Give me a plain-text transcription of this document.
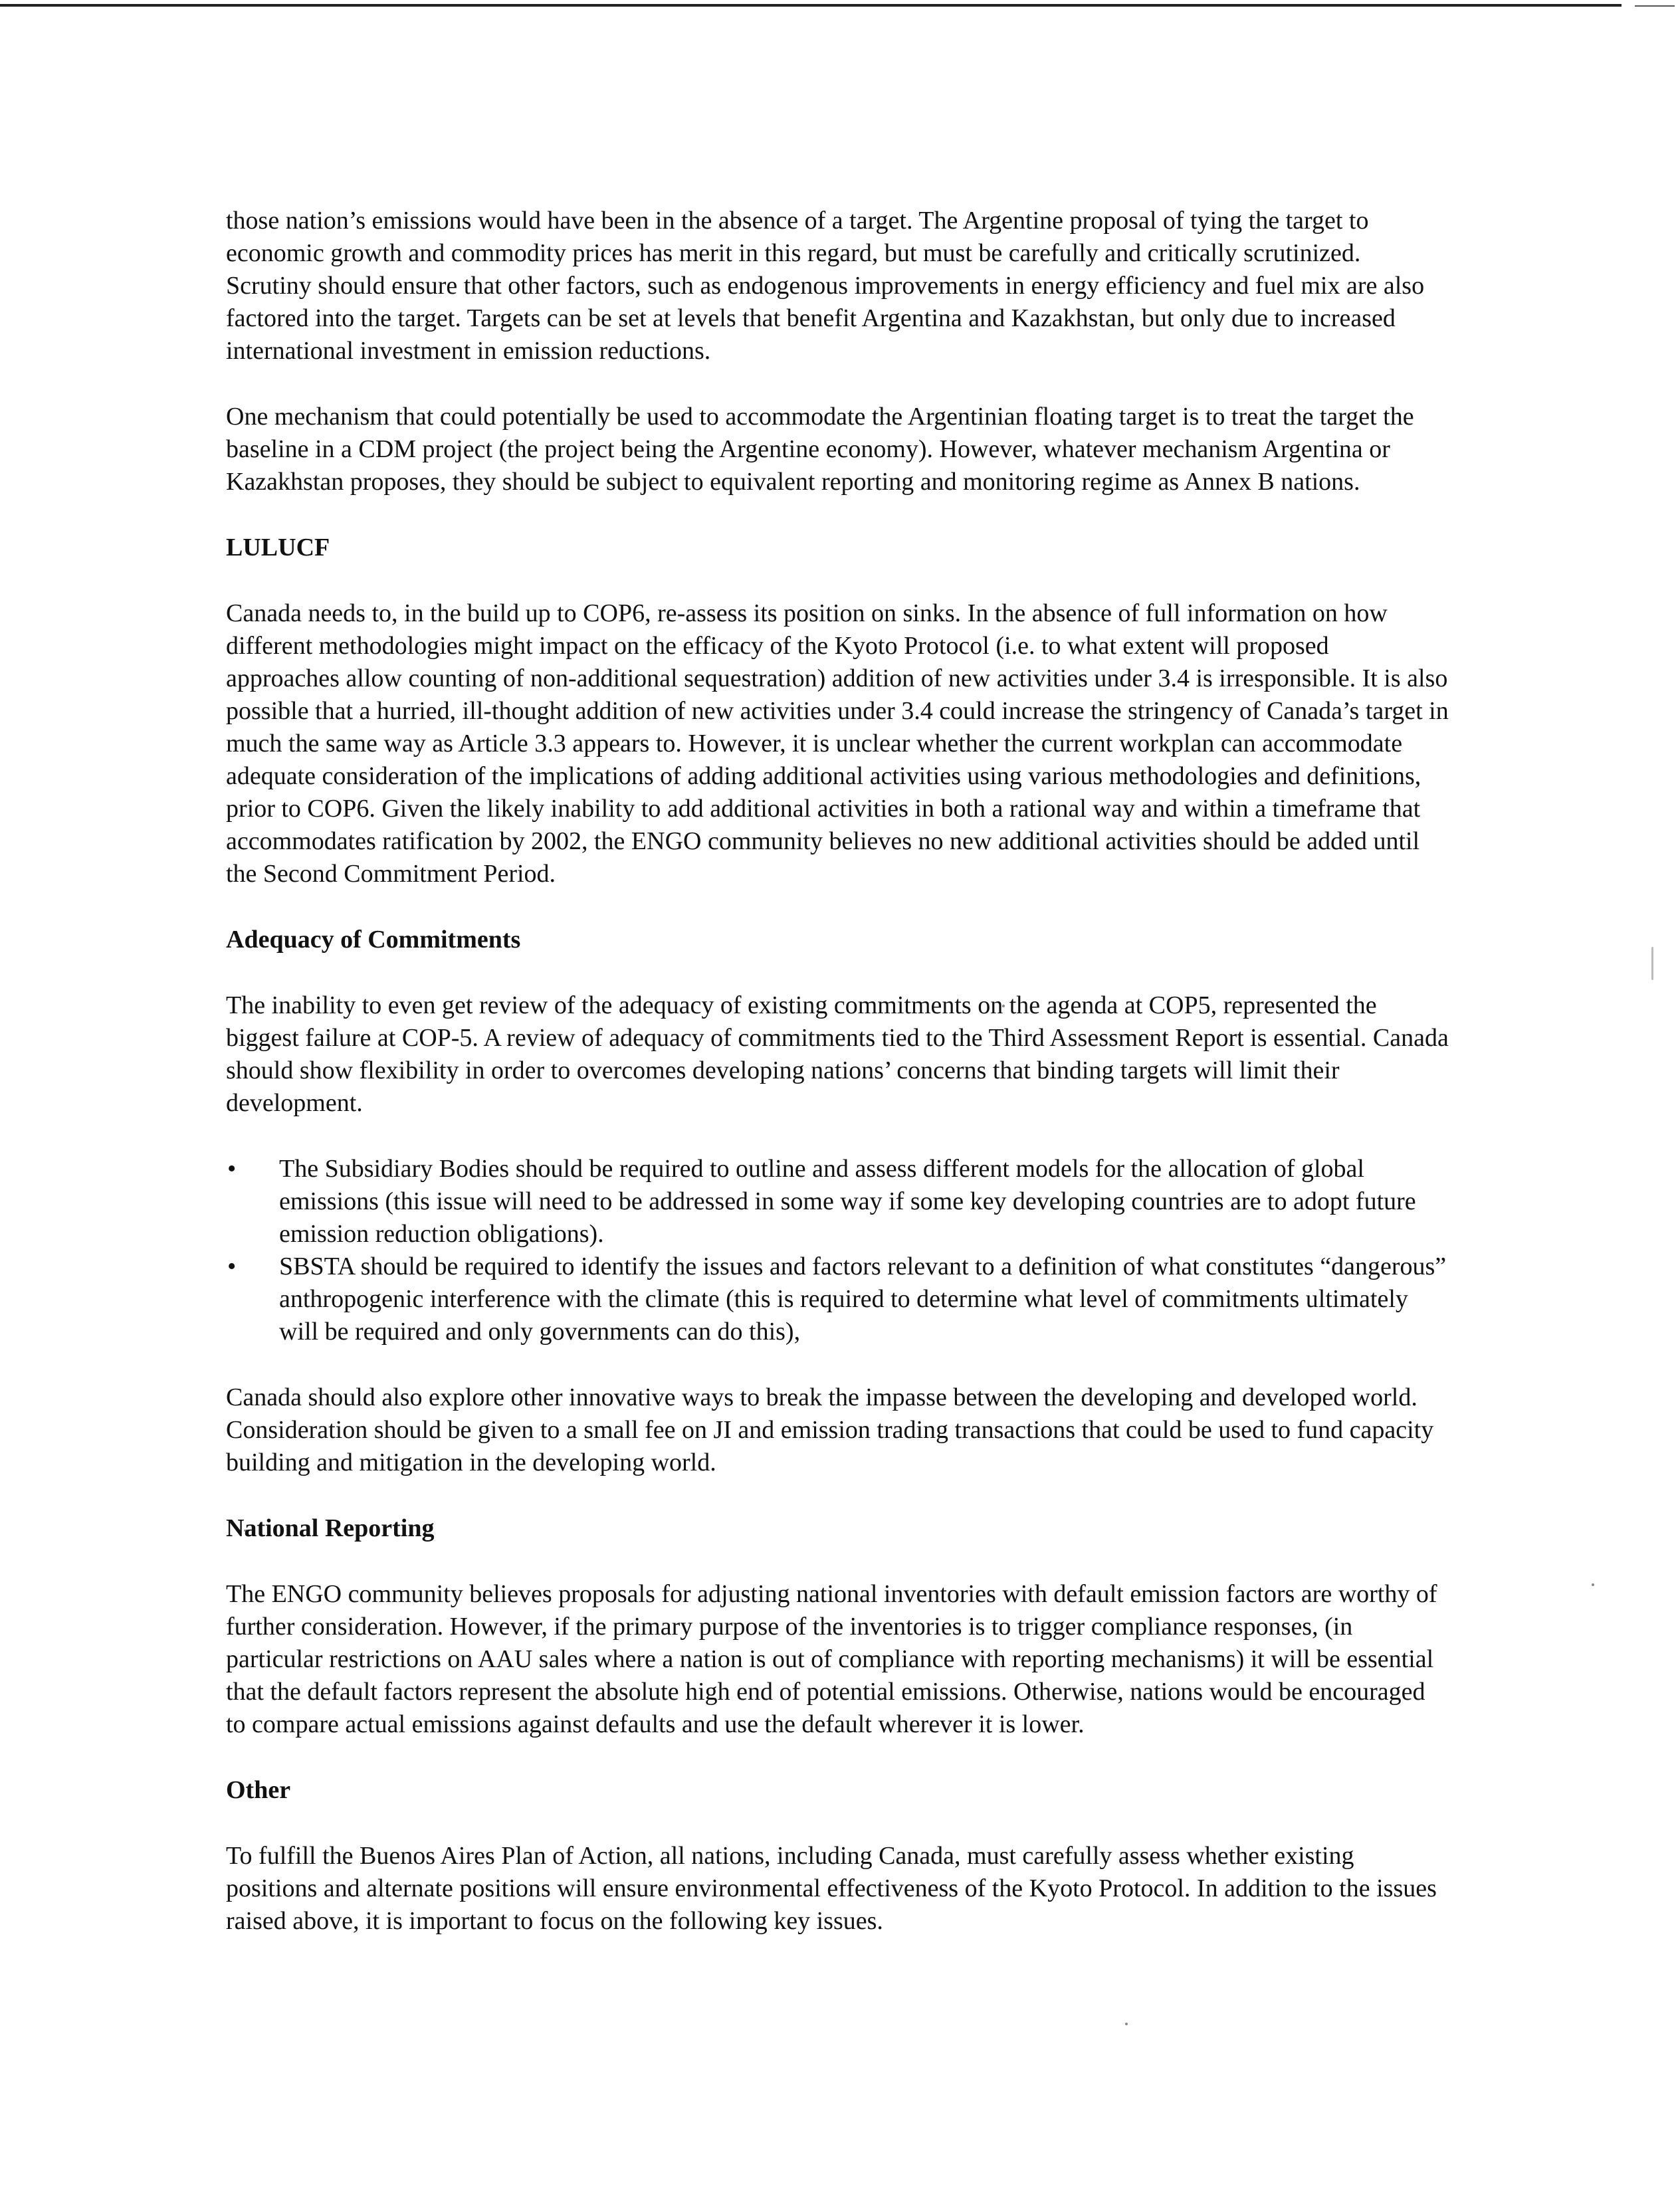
those nation’s emissions would have been in the absence of a target. The Argentine proposal of tying the target to economic growth and commodity prices has merit in this regard, but must be carefully and critically scrutinized. Scrutiny should ensure that other factors, such as endogenous improvements in energy efficiency and fuel mix are also factored into the target. Targets can be set at levels that benefit Argentina and Kazakhstan, but only due to increased international investment in emission reductions.

One mechanism that could potentially be used to accommodate the Argentinian floating target is to treat the target the baseline in a CDM project (the project being the Argentine economy). However, whatever mechanism Argentina or Kazakhstan proposes, they should be subject to equivalent reporting and monitoring regime as Annex B nations.

LULUCF

Canada needs to, in the build up to COP6, re-assess its position on sinks. In the absence of full information on how different methodologies might impact on the efficacy of the Kyoto Protocol (i.e. to what extent will proposed approaches allow counting of non-additional sequestration) addition of new activities under 3.4 is irresponsible. It is also possible that a hurried, ill-thought addition of new activities under 3.4 could increase the stringency of Canada’s target in much the same way as Article 3.3 appears to. However, it is unclear whether the current workplan can accommodate adequate consideration of the implications of adding additional activities using various methodologies and definitions, prior to COP6. Given the likely inability to add additional activities in both a rational way and within a timeframe that accommodates ratification by 2002, the ENGO community believes no new additional activities should be added until the Second Commitment Period.

Adequacy of Commitments

The inability to even get review of the adequacy of existing commitments on the agenda at COP5, represented the biggest failure at COP-5. A review of adequacy of commitments tied to the Third Assessment Report is essential. Canada should show flexibility in order to overcomes developing nations’ concerns that binding targets will limit their development.

•	The Subsidiary Bodies should be required to outline and assess different models for the allocation of global emissions (this issue will need to be addressed in some way if some key developing countries are to adopt future emission reduction obligations).
•	SBSTA should be required to identify the issues and factors relevant to a definition of what constitutes “dangerous” anthropogenic interference with the climate (this is required to determine what level of commitments ultimately will be required and only governments can do this),

Canada should also explore other innovative ways to break the impasse between the developing and developed world. Consideration should be given to a small fee on JI and emission trading transactions that could be used to fund capacity building and mitigation in the developing world.

National Reporting

The ENGO community believes proposals for adjusting national inventories with default emission factors are worthy of further consideration. However, if the primary purpose of the inventories is to trigger compliance responses, (in particular restrictions on AAU sales where a nation is out of compliance with reporting mechanisms) it will be essential that the default factors represent the absolute high end of potential emissions. Otherwise, nations would be encouraged to compare actual emissions against defaults and use the default wherever it is lower.

Other

To fulfill the Buenos Aires Plan of Action, all nations, including Canada, must carefully assess whether existing positions and alternate positions will ensure environmental effectiveness of the Kyoto Protocol. In addition to the issues raised above, it is important to focus on the following key issues.
